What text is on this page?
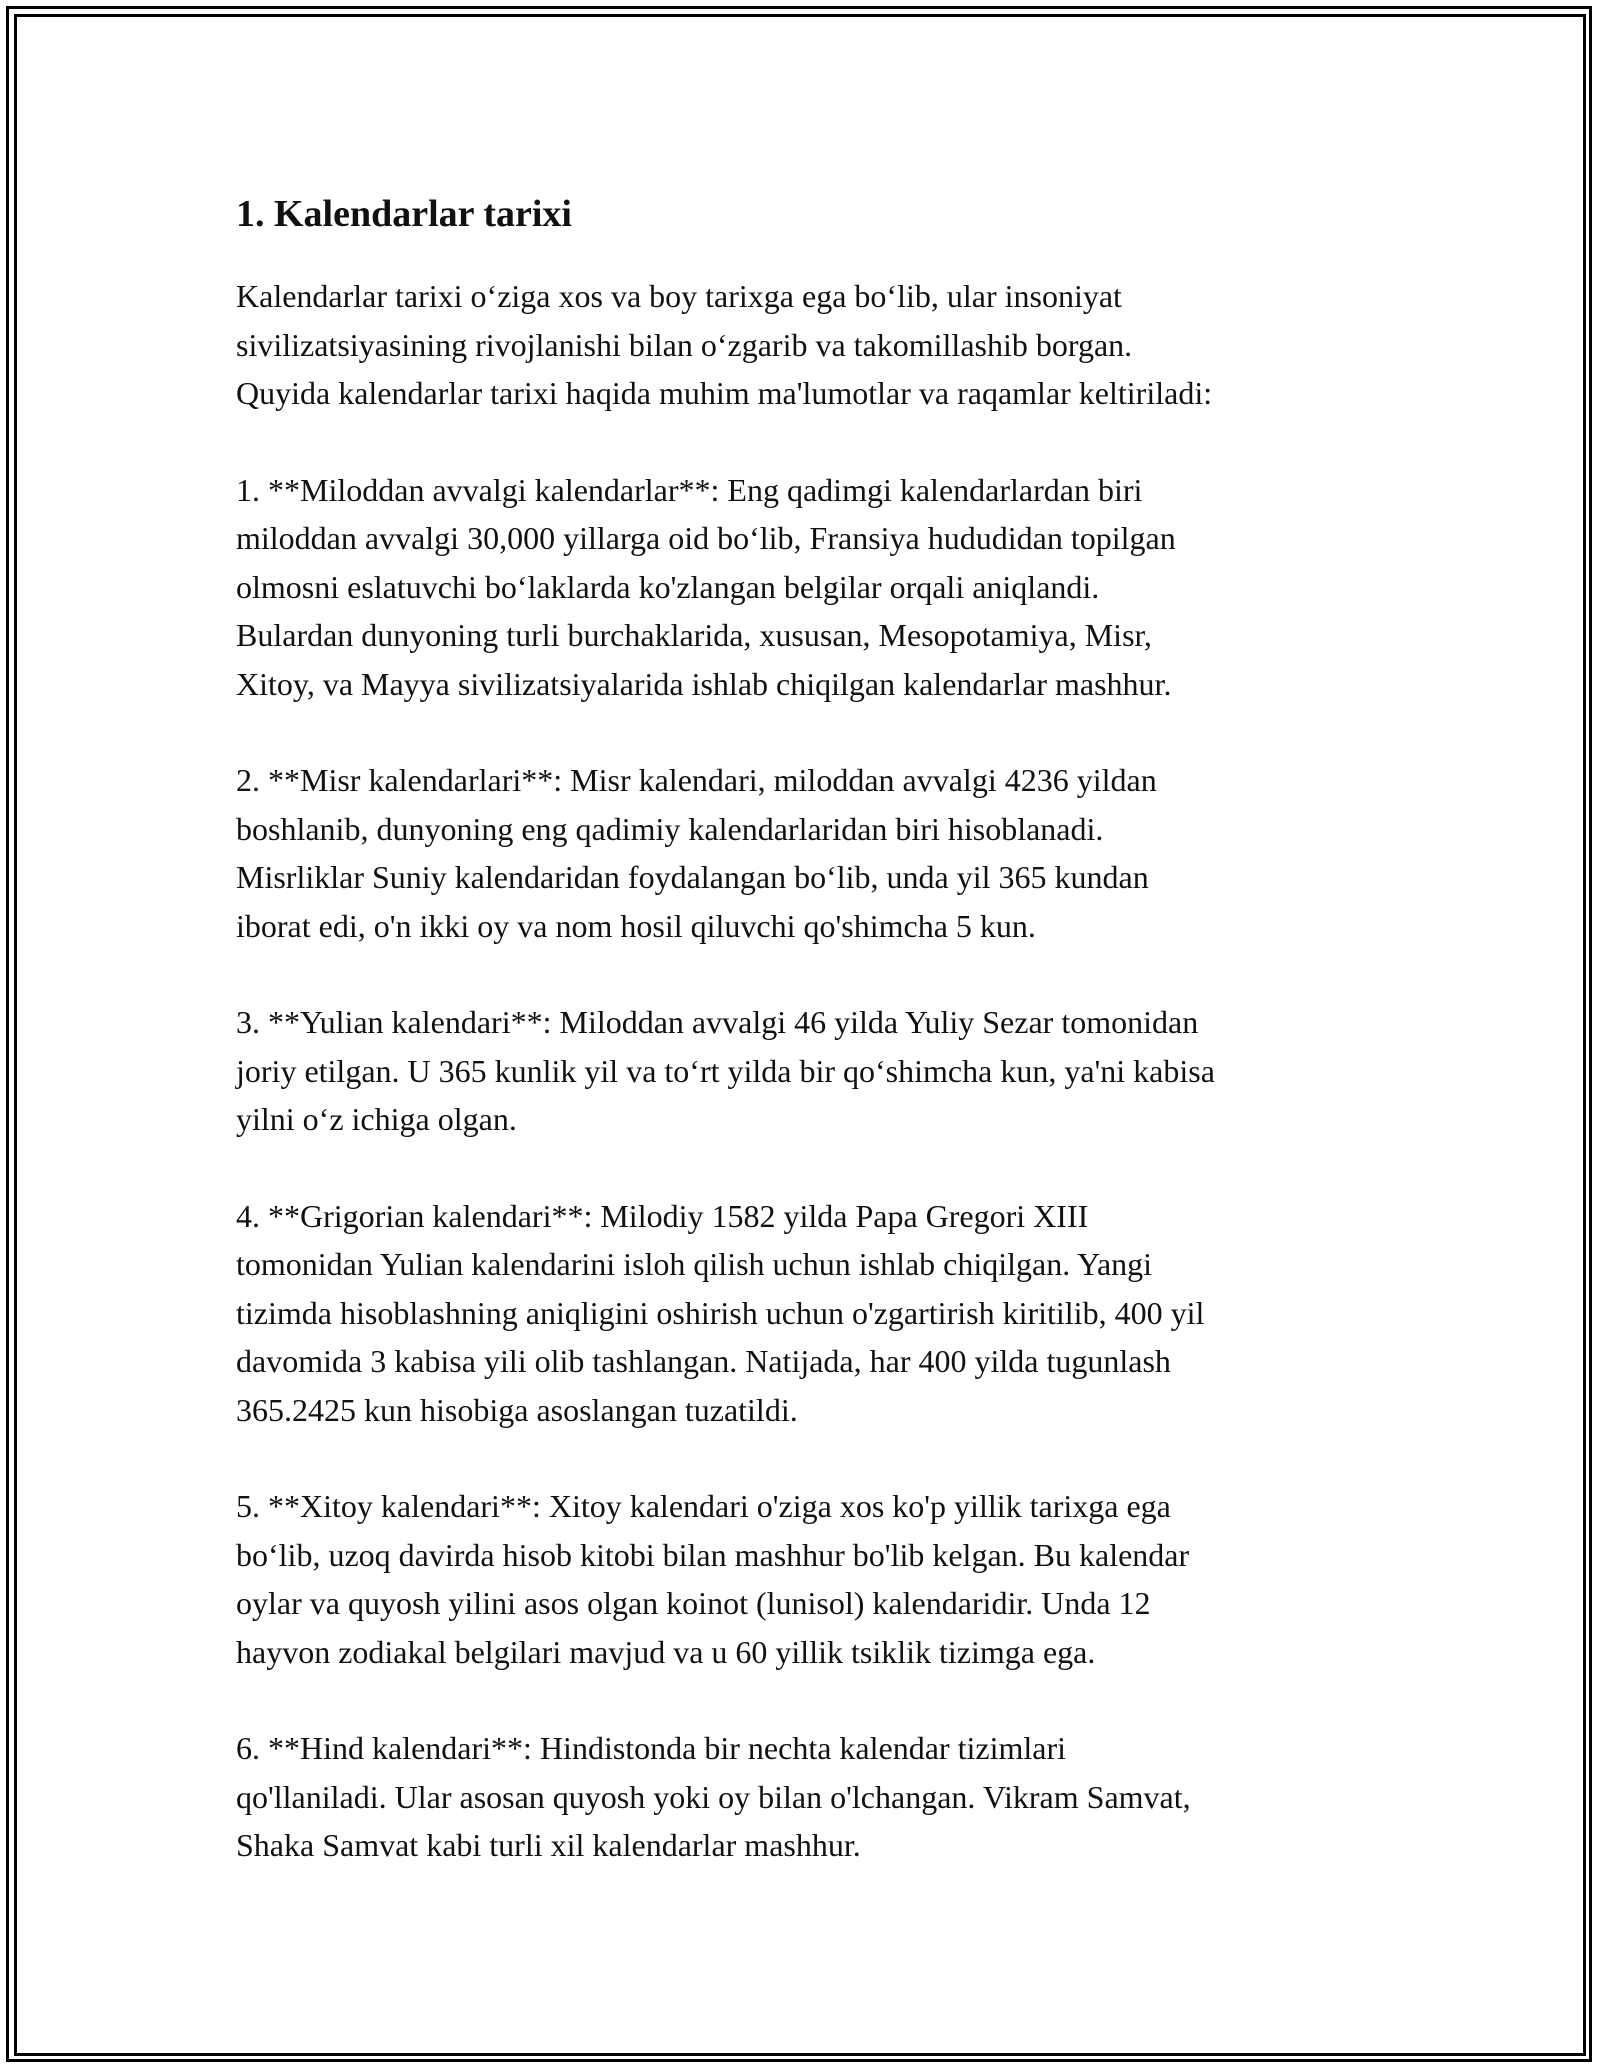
1. Kalendarlar tarixi

Kalendarlar tarixi o‘ziga xos va boy tarixga ega bo‘lib, ular insoniyat
sivilizatsiyasining rivojlanishi bilan o‘zgarib va takomillashib borgan.
Quyida kalendarlar tarixi haqida muhim ma'lumotlar va raqamlar keltiriladi:

1. **Miloddan avvalgi kalendarlar**: Eng qadimgi kalendarlardan biri
miloddan avvalgi 30,000 yillarga oid bo‘lib, Fransiya hududidan topilgan
olmosni eslatuvchi bo‘laklarda ko'zlangan belgilar orqali aniqlandi.
Bulardan dunyoning turli burchaklarida, xususan, Mesopotamiya, Misr,
Xitoy, va Mayya sivilizatsiyalarida ishlab chiqilgan kalendarlar mashhur.

2. **Misr kalendarlari**: Misr kalendari, miloddan avvalgi 4236 yildan
boshlanib, dunyoning eng qadimiy kalendarlaridan biri hisoblanadi.
Misrliklar Suniy kalendaridan foydalangan bo‘lib, unda yil 365 kundan
iborat edi, o'n ikki oy va nom hosil qiluvchi qo'shimcha 5 kun.

3. **Yulian kalendari**: Miloddan avvalgi 46 yilda Yuliy Sezar tomonidan
joriy etilgan. U 365 kunlik yil va to‘rt yilda bir qo‘shimcha kun, ya'ni kabisa
yilni o‘z ichiga olgan.

4. **Grigorian kalendari**: Milodiy 1582 yilda Papa Gregori XIII
tomonidan Yulian kalendarini isloh qilish uchun ishlab chiqilgan. Yangi
tizimda hisoblashning aniqligini oshirish uchun o'zgartirish kiritilib, 400 yil
davomida 3 kabisa yili olib tashlangan. Natijada, har 400 yilda tugunlash
365.2425 kun hisobiga asoslangan tuzatildi.

5. **Xitoy kalendari**: Xitoy kalendari o'ziga xos ko'p yillik tarixga ega
bo‘lib, uzoq davirda hisob kitobi bilan mashhur bo'lib kelgan. Bu kalendar
oylar va quyosh yilini asos olgan koinot (lunisol) kalendaridir. Unda 12
hayvon zodiakal belgilari mavjud va u 60 yillik tsiklik tizimga ega.

6. **Hind kalendari**: Hindistonda bir nechta kalendar tizimlari
qo'llaniladi. Ular asosan quyosh yoki oy bilan o'lchangan. Vikram Samvat,
Shaka Samvat kabi turli xil kalendarlar mashhur.
